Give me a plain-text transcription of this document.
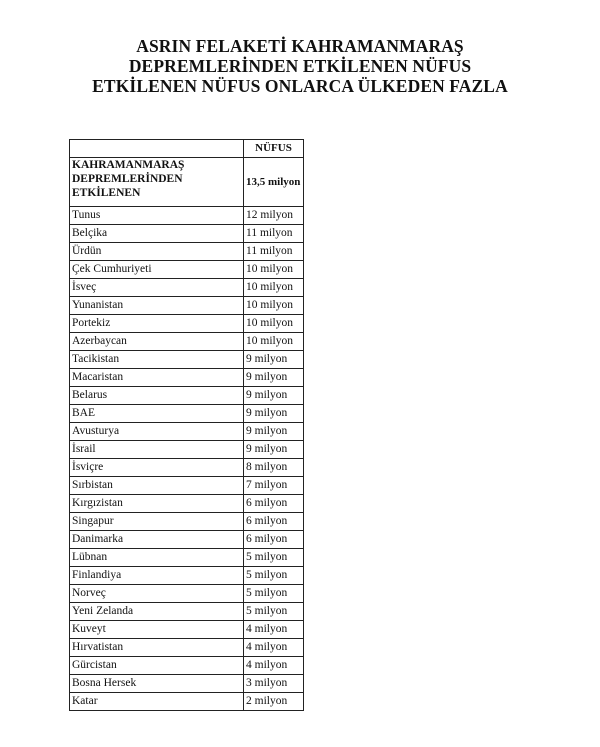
ASRIN FELAKETİ KAHRAMANMARAŞ
DEPREMLERİNDEN ETKİLENEN NÜFUS
ETKİLENEN NÜFUS ONLARCA ÜLKEDEN FAZLA
	NÜFUS

KAHRAMANMARAŞ
DEPREMLERİNDEN
ETKİLENEN	13,5 milyon
Tunus	12 milyon
Belçika	11 milyon
Ürdün	11 milyon
Çek Cumhuriyeti	10 milyon
İsveç	10 milyon
Yunanistan	10 milyon
Portekiz	10 milyon
Azerbaycan	10 milyon
Tacikistan	9 milyon
Macaristan	9 milyon
Belarus	9 milyon
BAE	9 milyon
Avusturya	9 milyon
İsrail	9 milyon
İsviçre	8 milyon
Sırbistan	7 milyon
Kırgızistan	6 milyon
Singapur	6 milyon
Danimarka	6 milyon
Lübnan	5 milyon
Finlandiya	5 milyon
Norveç	5 milyon
Yeni Zelanda	5 milyon
Kuveyt	4 milyon
Hırvatistan	4 milyon
Gürcistan	4 milyon
Bosna Hersek	3 milyon
Katar	2 milyon
